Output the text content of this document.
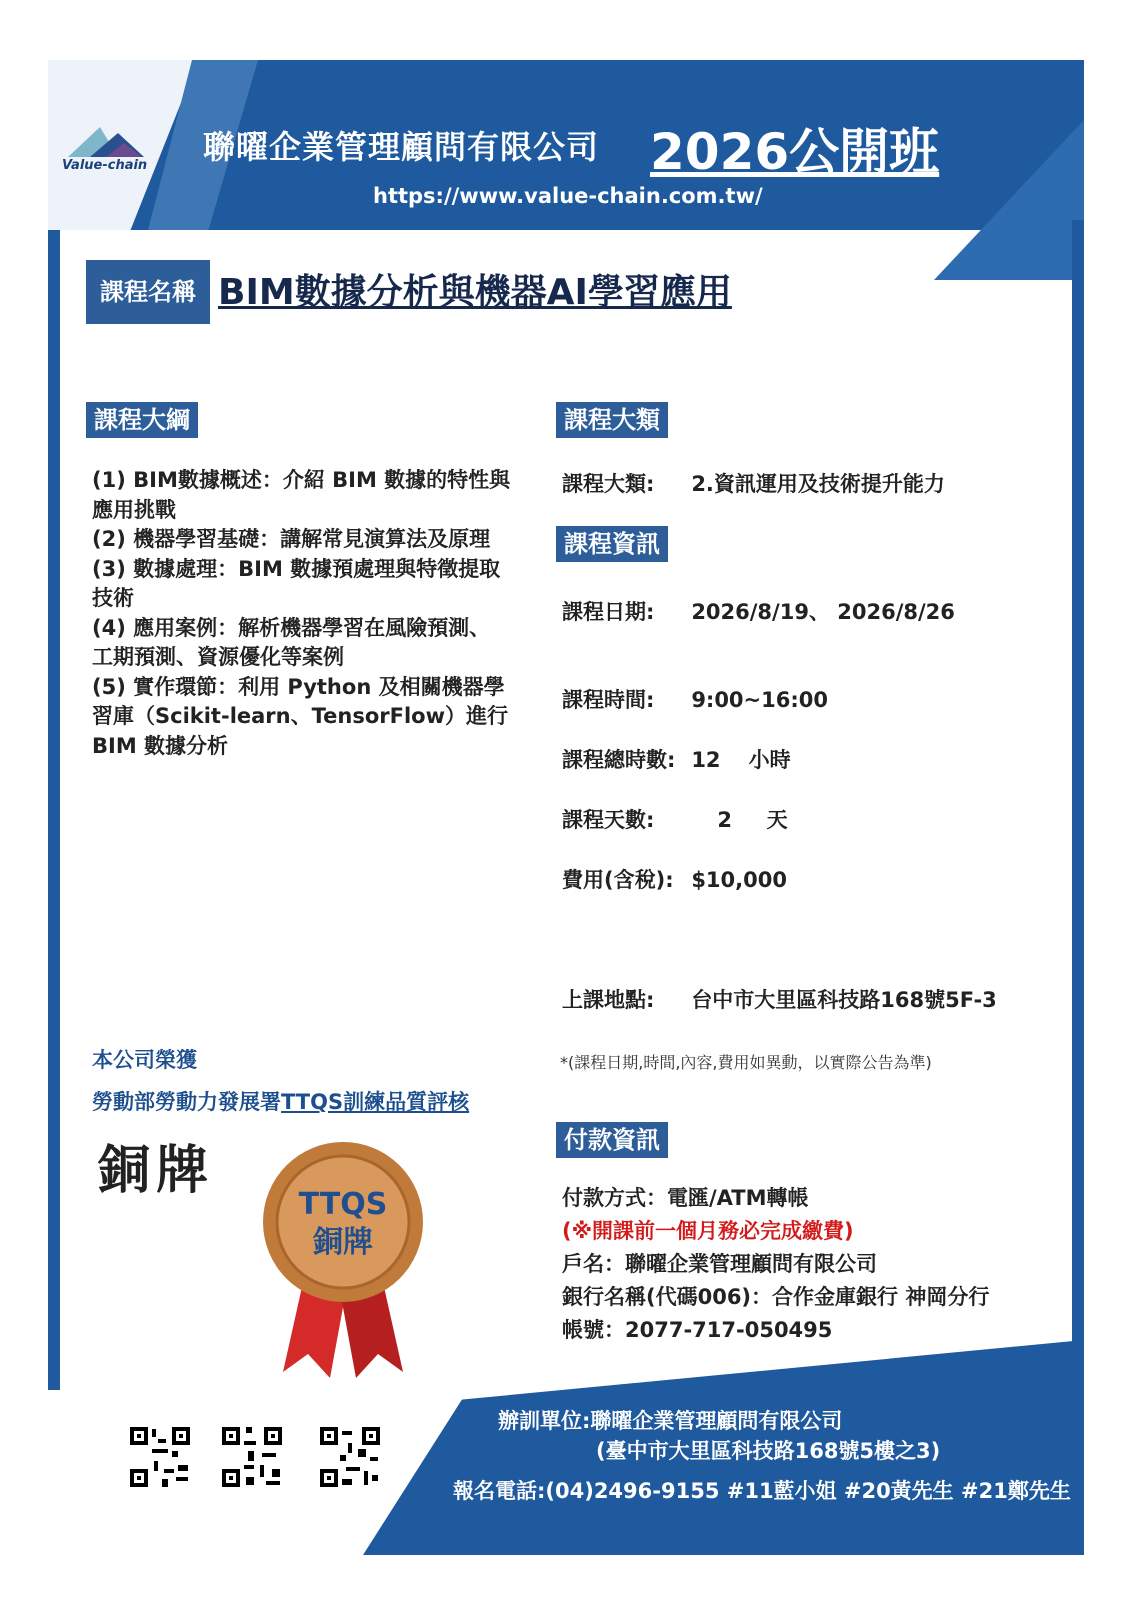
Value-chain 聯曜企業管理顧問有限公司 2026公開班
https://www.value-chain.com.tw/
課程名稱 BIM數據分析與機器AI學習應用
課程大綱
(1) BIM數據概述：介紹 BIM 數據的特性與
應用挑戰
(2) 機器學習基礎：講解常見演算法及原理
(3) 數據處理：BIM 數據預處理與特徵提取
技術
(4) 應用案例：解析機器學習在風險預測、
工期預測、資源優化等案例
(5) 實作環節：利用 Python 及相關機器學
習庫（Scikit-learn、TensorFlow）進行
BIM 數據分析
課程大類
課程大類: 2.資訊運用及技術提升能力
課程資訊
課程日期: 2026/8/19、 2026/8/26
課程時間: 9:00~16:00
課程總時數: 12 小時
課程天數:	2 天
費用(含稅): $10,000
上課地點: 台中市大里區科技路168號5F-3
*(課程日期,時間,內容,費用如異動，以實際公告為準)
本公司榮獲
勞動部勞動力發展署TTQS訓練品質評核
銅牌
TTQS
銅牌
付款資訊
付款方式：電匯/ATM轉帳
(※開課前一個月務必完成繳費)
戶名：聯曜企業管理顧問有限公司
銀行名稱(代碼006)：合作金庫銀行 神岡分行
帳號：2077-717-050495
辦訓單位:聯曜企業管理顧問有限公司
(臺中市大里區科技路168號5樓之3)
報名電話:(04)2496-9155 #11藍小姐 #20黃先生 #21鄭先生
